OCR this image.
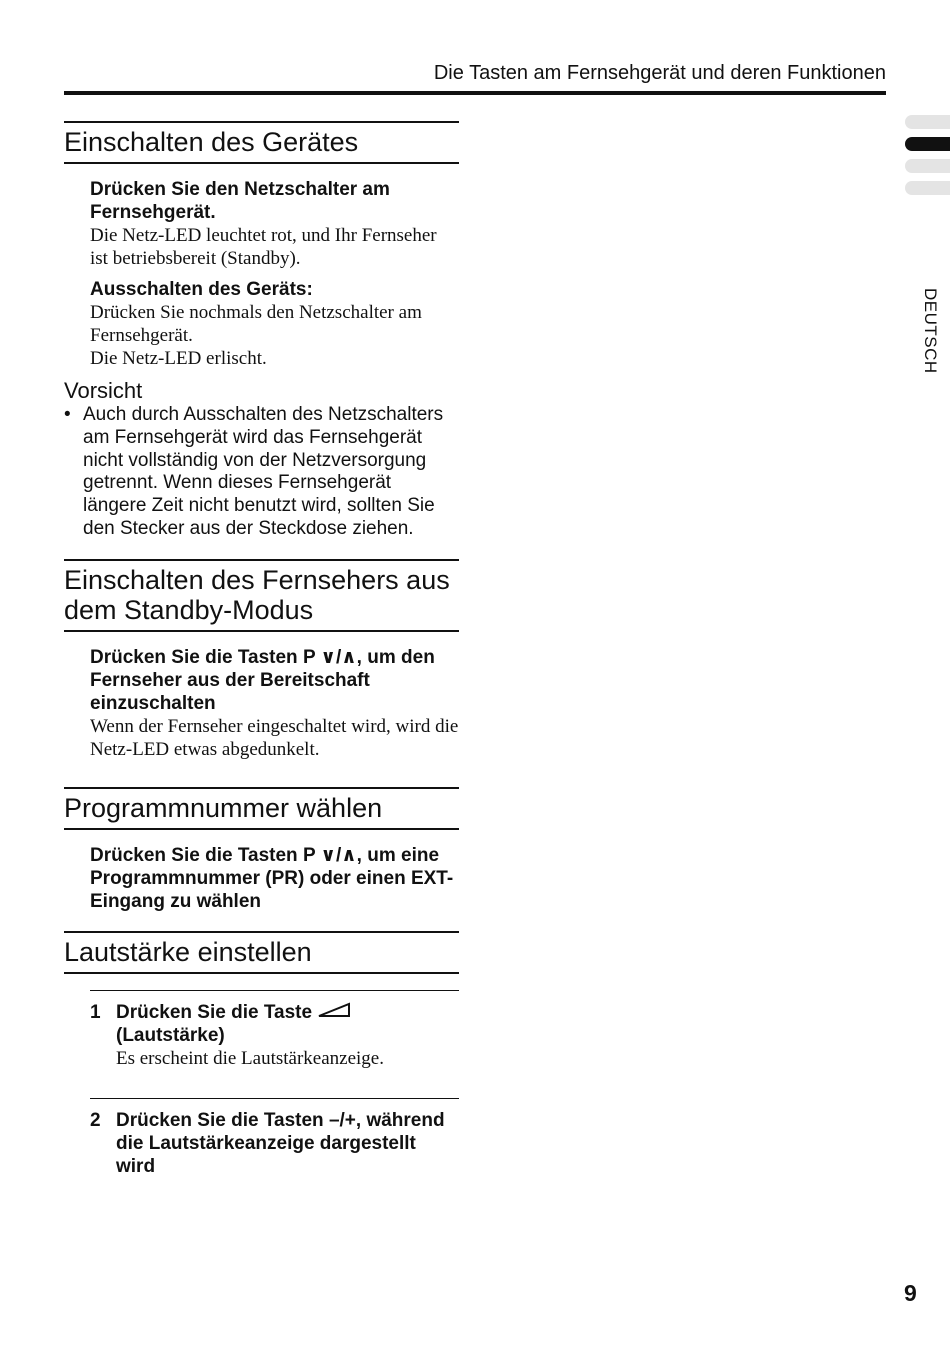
Die Tasten am Fernsehgerät und deren Funktionen
DEUTSCH
Einschalten des Gerätes
Drücken Sie den Netzschalter am Fernsehgerät.
Die Netz-LED leuchtet rot, und Ihr Fernseher ist betriebsbereit (Standby).
Ausschalten des Geräts:
Drücken Sie nochmals den Netzschalter am Fernsehgerät.
Die Netz-LED erlischt.
Vorsicht
• Auch durch Ausschalten des Netzschalters am Fernsehgerät wird das Fernsehgerät nicht vollständig von der Netzversorgung getrennt. Wenn dieses Fernsehgerät längere Zeit nicht benutzt wird, sollten Sie den Stecker aus der Steckdose ziehen.
Einschalten des Fernsehers aus dem Standby-Modus
Drücken Sie die Tasten P ∨/∧, um den Fernseher aus der Bereitschaft einzuschalten
Wenn der Fernseher eingeschaltet wird, wird die Netz-LED etwas abgedunkelt.
Programmnummer wählen
Drücken Sie die Tasten P ∨/∧, um eine Programmnummer (PR) oder einen EXT-Eingang zu wählen
Lautstärke einstellen
1 Drücken Sie die Taste
(Lautstärke)
Es erscheint die Lautstärkeanzeige.
2 Drücken Sie die Tasten –/+, während die Lautstärkeanzeige dargestellt wird
9
